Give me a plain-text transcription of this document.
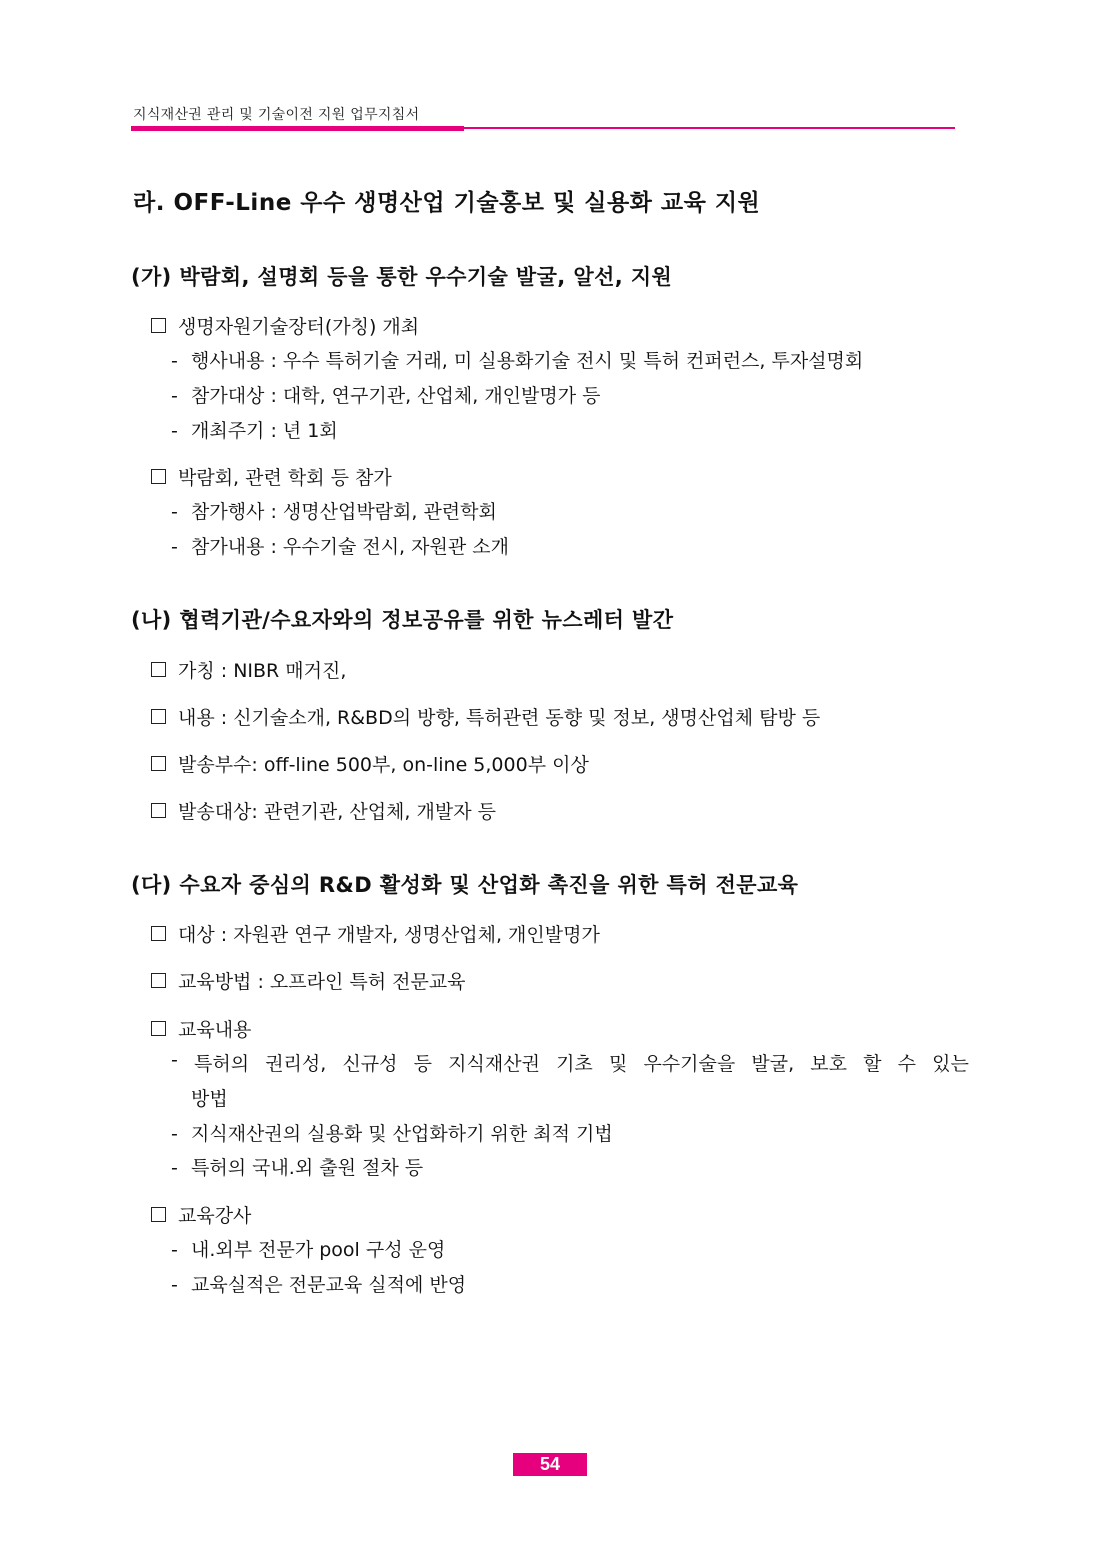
지식재산권 관리 및 기술이전 지원 업무지침서
라. OFF-Line 우수 생명산업 기술홍보 및 실용화 교육 지원
(가) 박람회, 설명회 등을 통한 우수기술 발굴, 알선, 지원
생명자원기술장터(가칭) 개최
- 행사내용 : 우수 특허기술 거래, 미 실용화기술 전시 및 특허 컨퍼런스, 투자설명회
- 참가대상 : 대학, 연구기관, 산업체, 개인발명가 등
- 개최주기 : 년 1회
박람회, 관련 학회 등 참가
- 참가행사 : 생명산업박람회, 관련학회
- 참가내용 : 우수기술 전시, 자원관 소개
(나) 협력기관/수요자와의 정보공유를 위한 뉴스레터 발간
가칭 : NIBR 매거진,
내용 : 신기술소개, R&BD의 방향, 특허관련 동향 및 정보, 생명산업체 탐방 등
발송부수: off-line 500부, on-line 5,000부 이상
발송대상: 관련기관, 산업체, 개발자 등
(다) 수요자 중심의 R&D 활성화 및 산업화 촉진을 위한 특허 전문교육
대상 : 자원관 연구 개발자, 생명산업체, 개인발명가
교육방법 : 오프라인 특허 전문교육
교육내용
- 특허의 권리성, 신규성 등 지식재산권 기초 및 우수기술을 발굴, 보호 할 수 있는
방법
- 지식재산권의 실용화 및 산업화하기 위한 최적 기법
- 특허의 국내.외 출원 절차 등
교육강사
- 내.외부 전문가 pool 구성 운영
- 교육실적은 전문교육 실적에 반영
54
